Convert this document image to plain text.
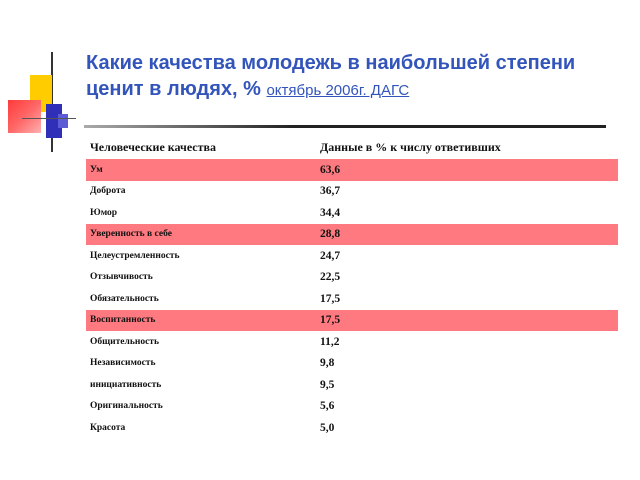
Какие качества молодежь в наибольшей степени ценит в людях, % октябрь 2006г. ДАГС
Человеческие качества	Данные в % к числу ответивших
Ум	63,6
Доброта	36,7
Юмор	34,4
Уверенность в себе	28,8
Целеустремленность	24,7
Отзывчивость	22,5
Обязательность	17,5
Воспитанность	17,5
Общительность	11,2
Независимость	9,8
инициативность	9,5
Оригинальность	5,6
Красота	5,0
